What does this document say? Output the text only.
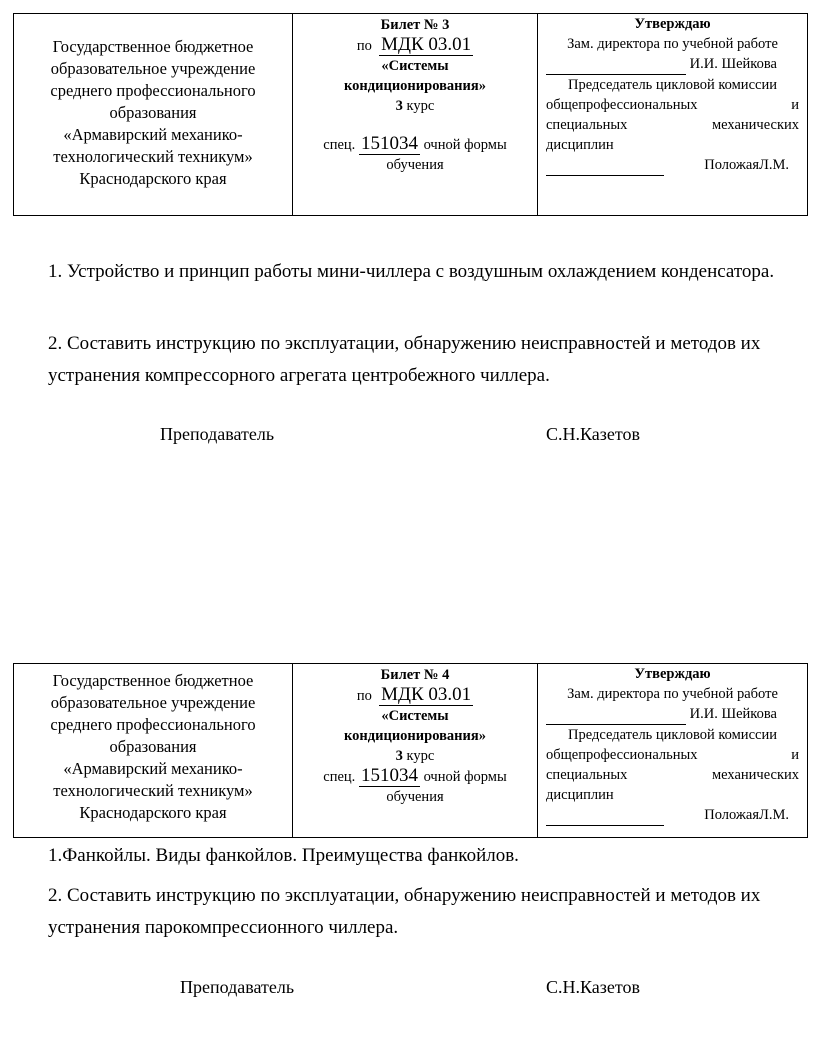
Государственное бюджетное
образовательное учреждение
среднего профессионального
образования
«Армавирский механико-
технологический техникум»
Краснодарского края

Билет № 3
по МДК 03.01
«Системы
кондиционирования»
3 курс
спец. 151034 очной формы
обучения

Утверждаю
Зам. директора по учебной работе
И.И. Шейкова
Председатель цикловой комиссии
общепрофессиональных	и
специальных	механических
дисциплин

ПоложаяЛ.М.
1. Устройство и принцип работы мини-чиллера с воздушным охлаждением конденсатора.
2. Составить инструкцию по эксплуатации, обнаружению неисправностей и методов их устранения компрессорного агрегата центробежного чиллера.
Преподаватель	С.Н.Казетов
Государственное бюджетное
образовательное учреждение
среднего профессионального
образования
«Армавирский механико-
технологический техникум»
Краснодарского края

Билет № 4
по МДК 03.01
«Системы
кондиционирования»
3 курс
спец. 151034 очной формы
обучения

Утверждаю
Зам. директора по учебной работе
И.И. Шейкова
Председатель цикловой комиссии
общепрофессиональных	и
специальных	механических
дисциплин

ПоложаяЛ.М.
1.Фанкойлы. Виды фанкойлов. Преимущества фанкойлов.
2. Составить инструкцию по эксплуатации, обнаружению неисправностей и методов их устранения парокомпрессионного чиллера.
Преподаватель	С.Н.Казетов
